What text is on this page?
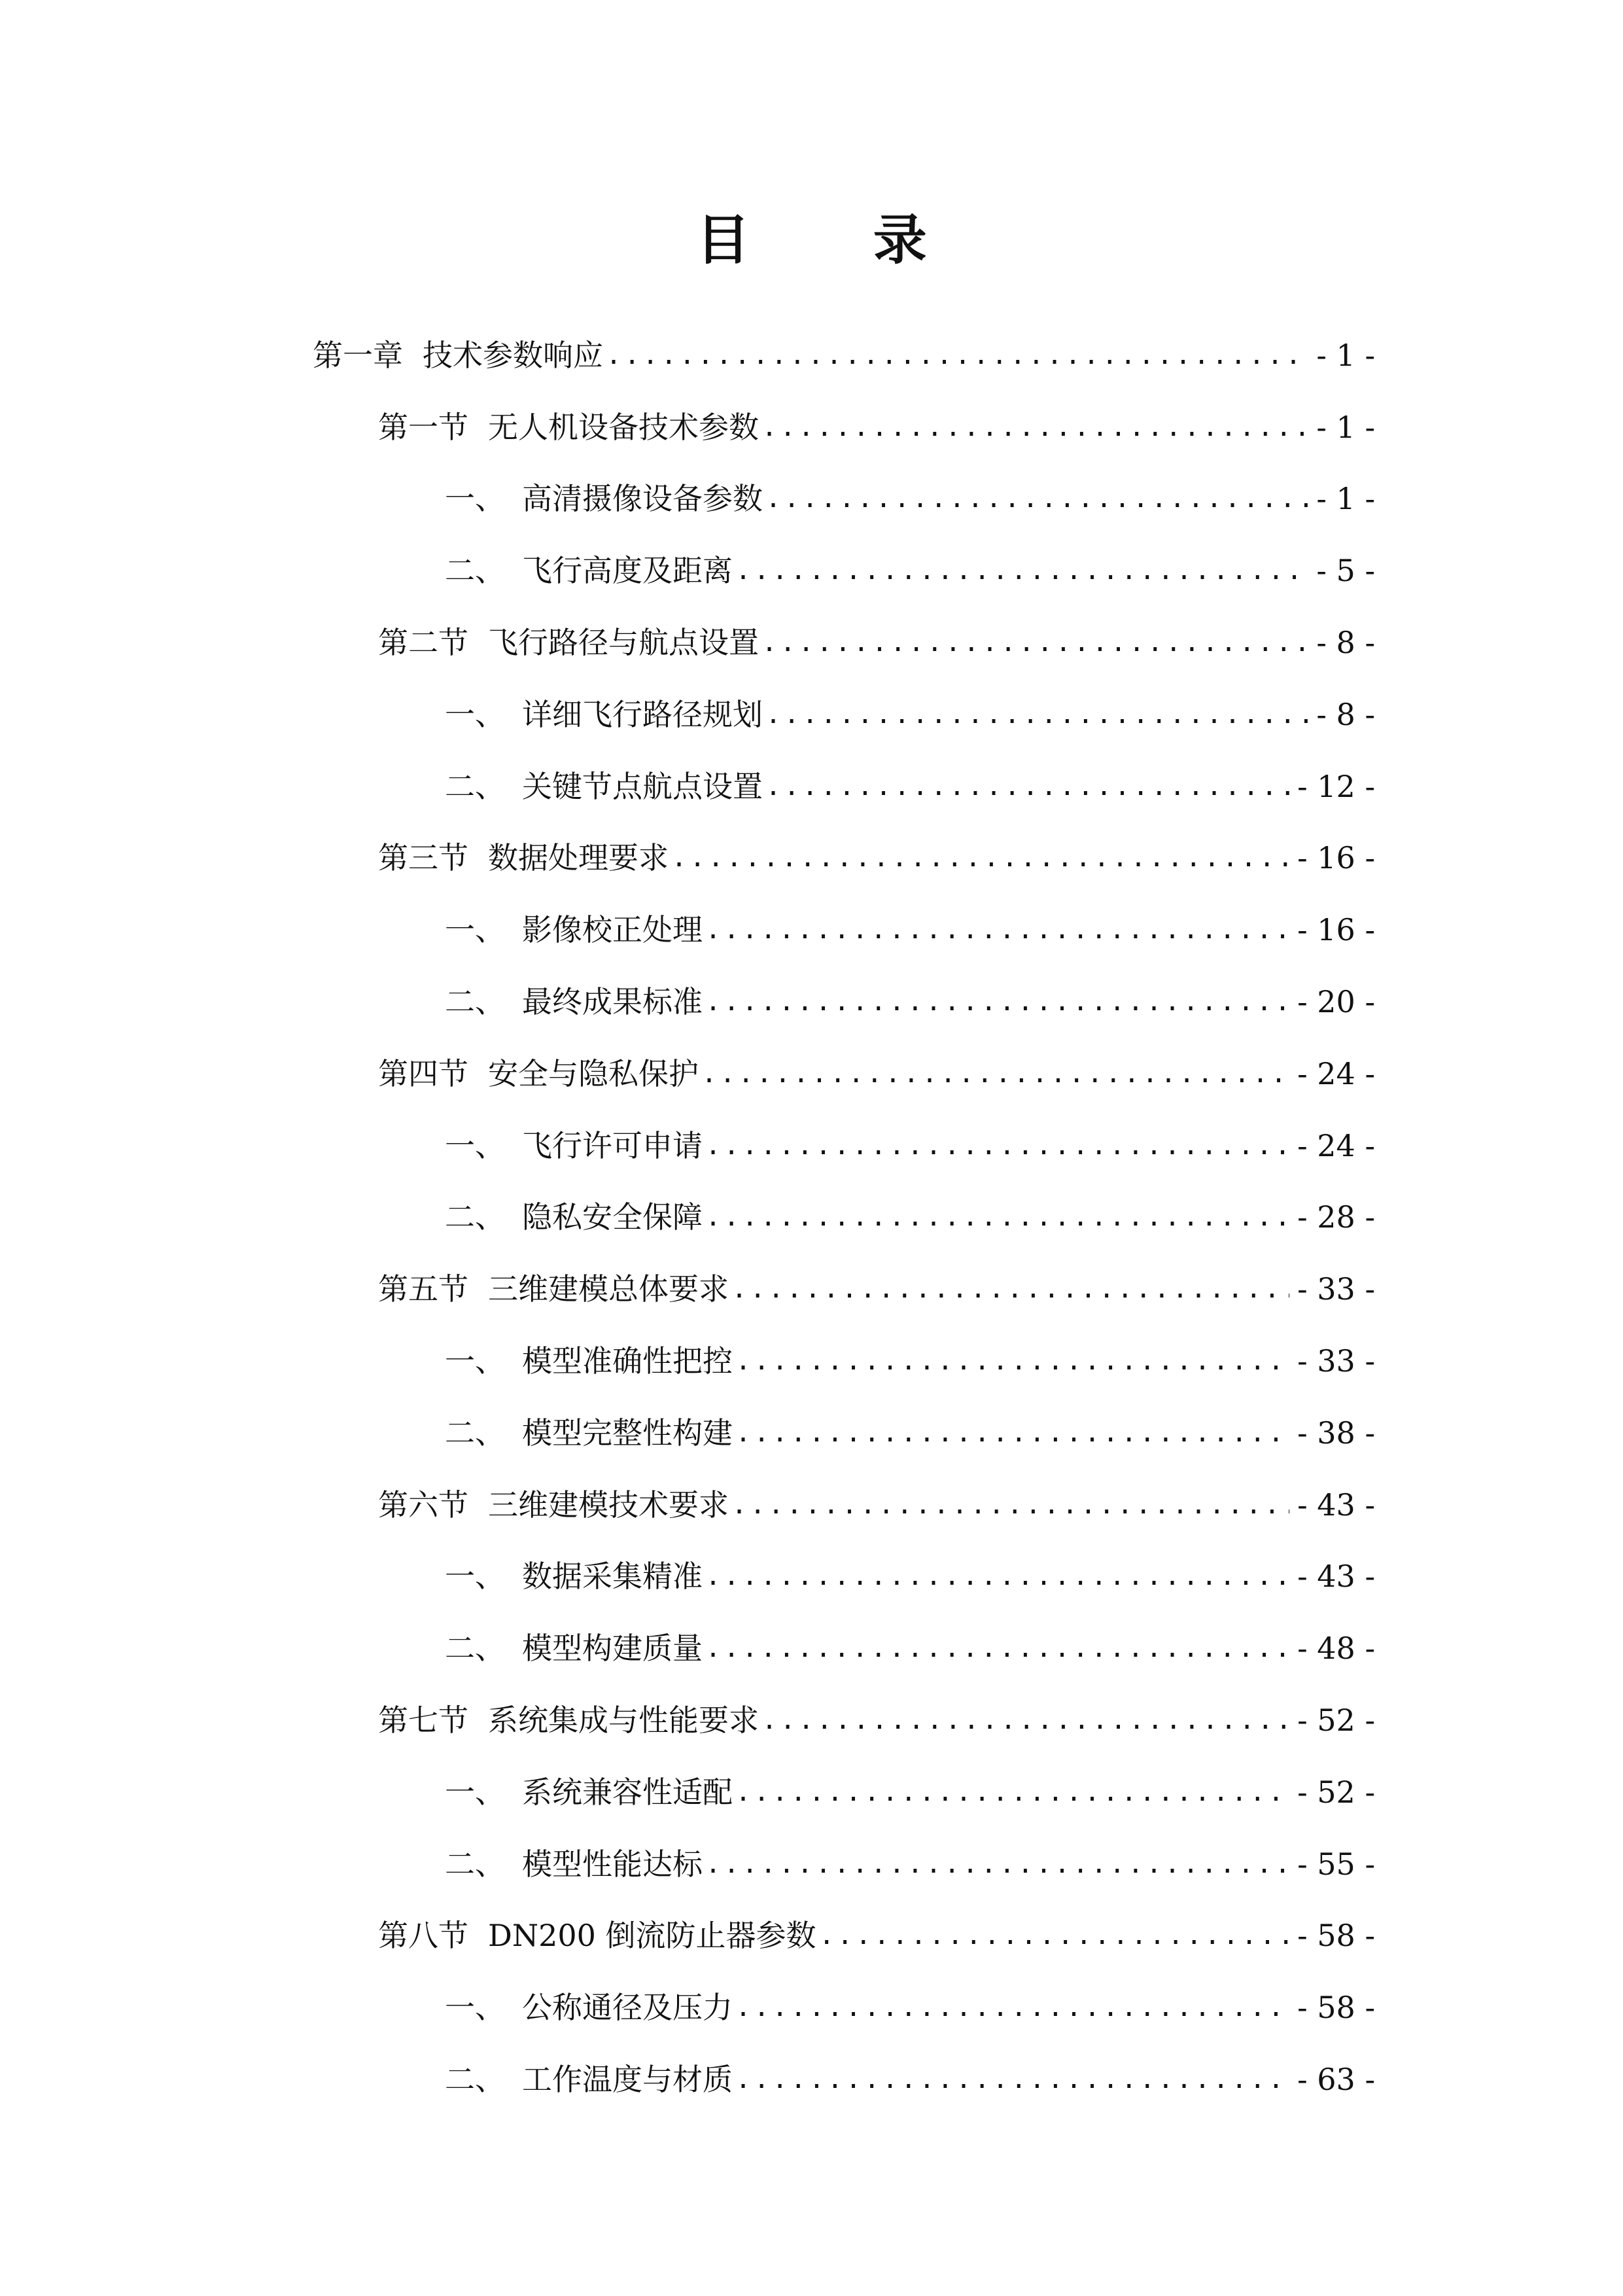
目 录
第一章 技术参数响应 .....	- 1 -
第一节 无人机设备技术参数 .....	- 1 -
一、 高清摄像设备参数 .....	- 1 -
二、 飞行高度及距离 .....	- 5 -
第二节 飞行路径与航点设置 .....	- 8 -
一、 详细飞行路径规划 .....	- 8 -
二、 关键节点航点设置 .....	- 12 -
第三节 数据处理要求 .....	- 16 -
一、 影像校正处理 .....	- 16 -
二、 最终成果标准 .....	- 20 -
第四节 安全与隐私保护 .....	- 24 -
一、 飞行许可申请 .....	- 24 -
二、 隐私安全保障 .....	- 28 -
第五节 三维建模总体要求 .....	- 33 -
一、 模型准确性把控 .....	- 33 -
二、 模型完整性构建 .....	- 38 -
第六节 三维建模技术要求 .....	- 43 -
一、 数据采集精准 .....	- 43 -
二、 模型构建质量 .....	- 48 -
第七节 系统集成与性能要求 .....	- 52 -
一、 系统兼容性适配 .....	- 52 -
二、 模型性能达标 .....	- 55 -
第八节 DN200 倒流防止器参数 .....	- 58 -
一、 公称通径及压力 .....	- 58 -
二、 工作温度与材质 .....	- 63 -
